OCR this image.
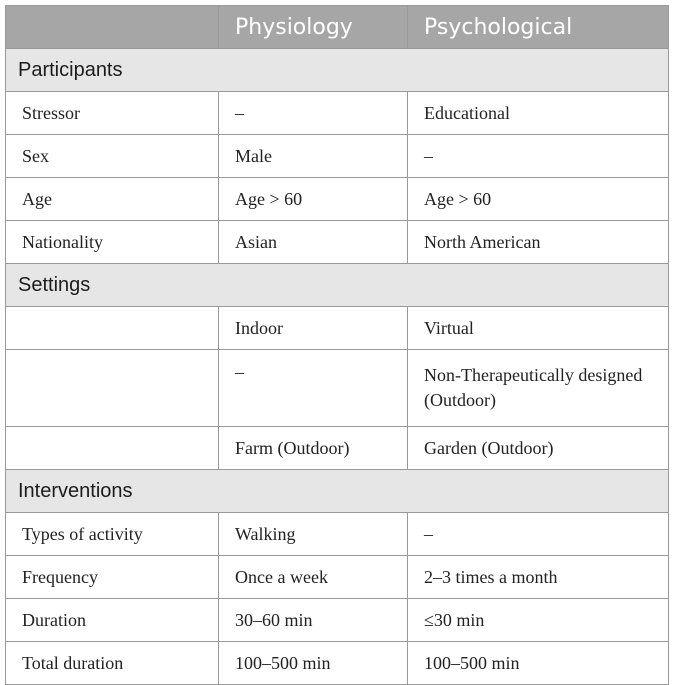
	Physiology	Psychological
Participants		
Stressor	–	Educational
Sex	Male	–
Age	Age > 60	Age > 60
Nationality	Asian	North American
Settings		
	Indoor	Virtual
	–	Non-Therapeutically designed (Outdoor)
	Farm (Outdoor)	Garden (Outdoor)
Interventions		
Types of activity	Walking	–
Frequency	Once a week	2–3 times a month
Duration	30–60 min	≤30 min
Total duration	100–500 min	100–500 min
